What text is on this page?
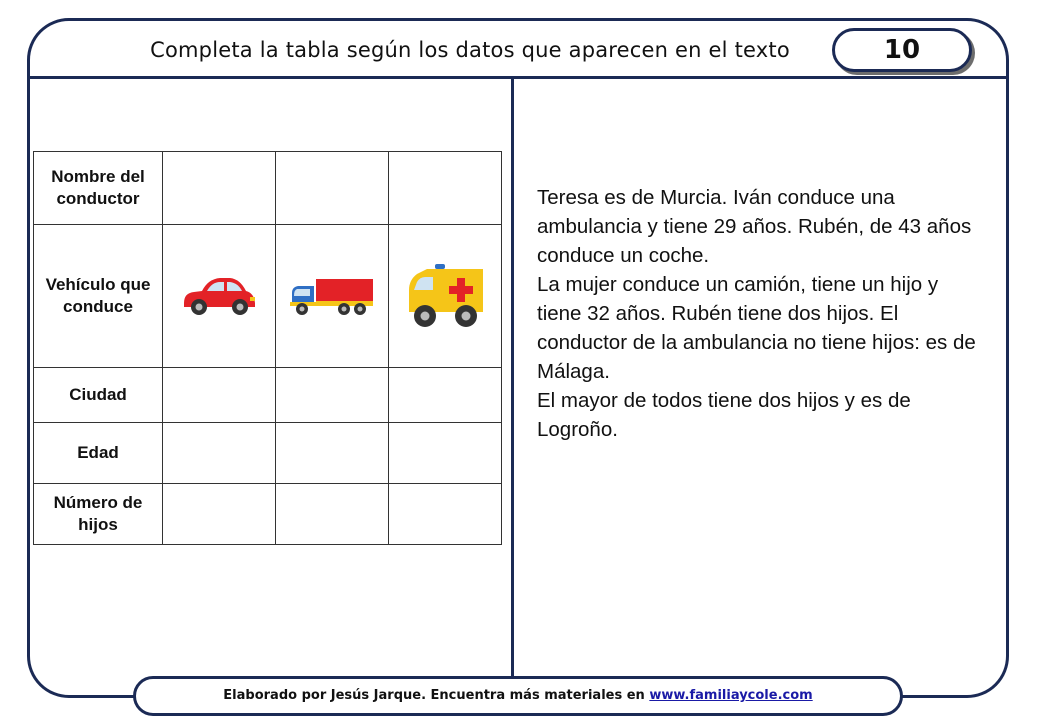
Completa la tabla según los datos que aparecen en el texto	10
Nombre del conductor			
Vehículo que conduce	

Ciudad			
Edad			
Número de hijos			

Teresa es de Murcia. Iván conduce una ambulancia y tiene 29 años. Rubén, de 43 años conduce un coche.

La mujer conduce un camión, tiene un hijo y tiene 32 años. Rubén tiene dos hijos. El conductor de la ambulancia no tiene hijos: es de Málaga.

El mayor de todos tiene dos hijos y es de Logroño.

Elaborado por Jesús Jarque. Encuentra más materiales en www.familiaycole.com
